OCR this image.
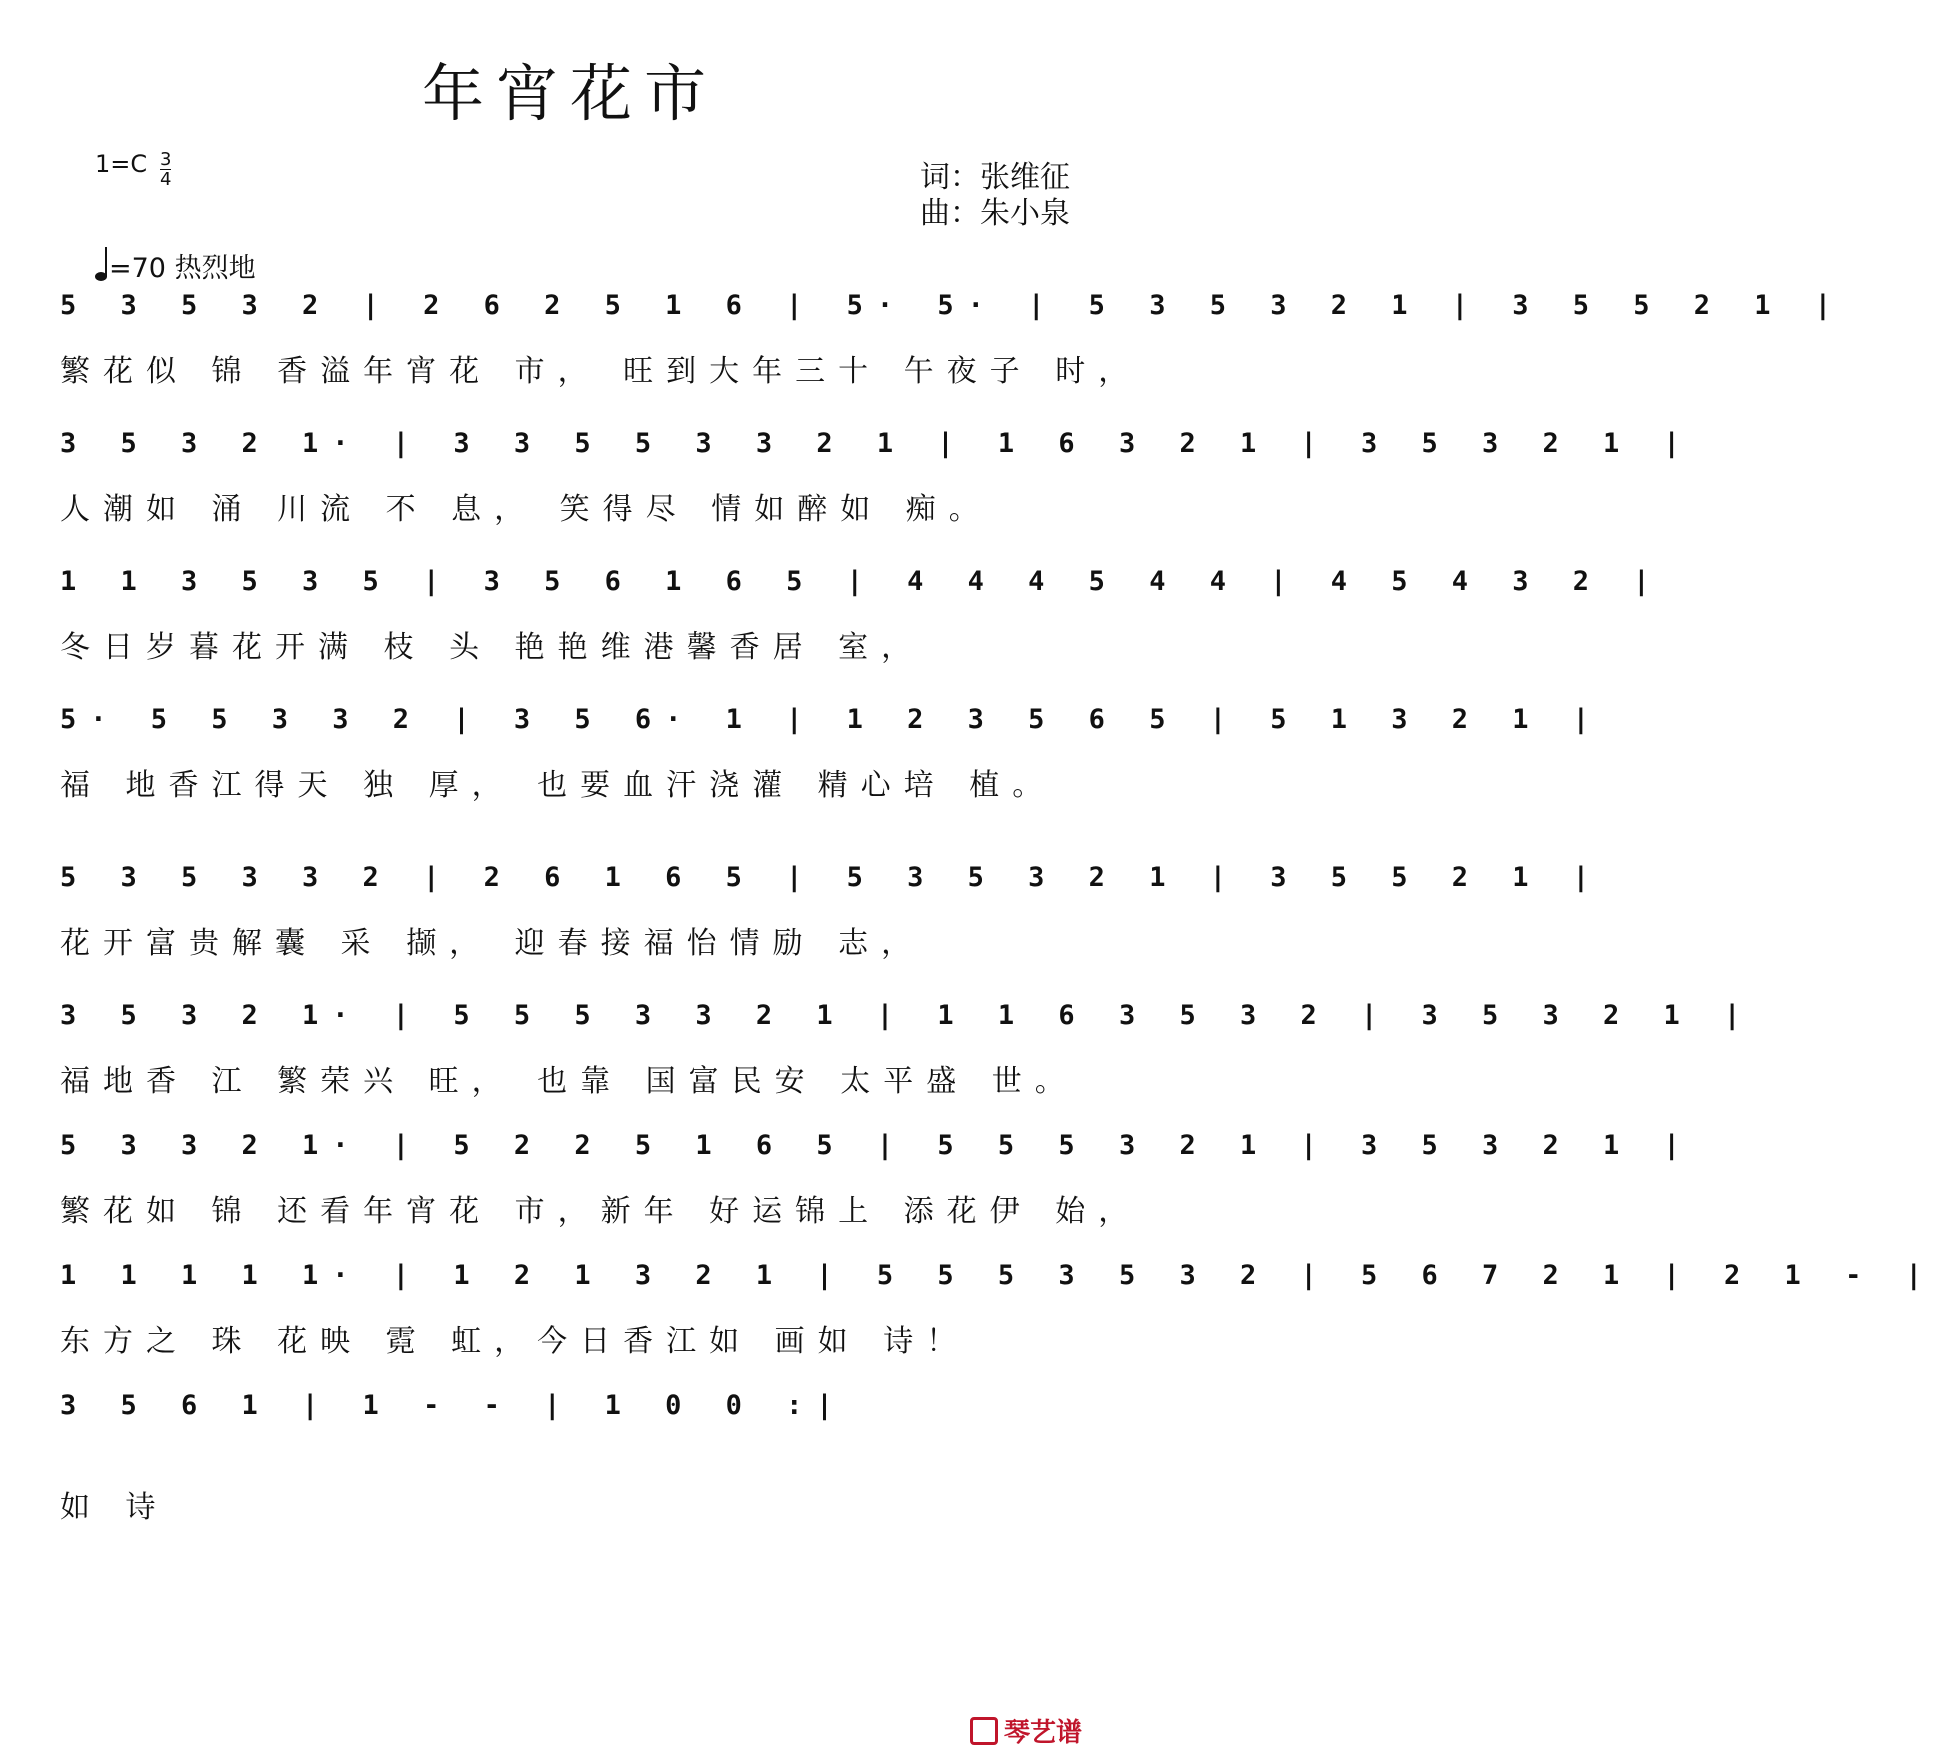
年宵花市
1=C 3
4	词：张维征
曲：朱小泉
=70 热烈地
5 3 5 3 2 | 2 6 2 5 1 6 | 5· 5· | 5 3 5 3 2 1 | 3 5 5 2 1 |
繁花似 锦 香溢年宵花 市， 旺到大年三十 午夜子 时，
3 5 3 2 1· | 3 3 5 5 3 3 2 1 | 1 6 3 2 1 | 3 5 3 2 1 |
人潮如 涌 川流 不 息， 笑得尽 情如醉如 痴。
1 1 3 5 3 5 | 3 5 6 1 6 5 | 4 4 4 5 4 4 | 4 5 4 3 2 |
冬日岁暮花开满 枝 头 艳艳维港馨香居 室，
5· 5 5 3 3 2 | 3 5 6· 1 | 1 2 3 5 6 5 | 5 1 3 2 1 |
福 地香江得天 独 厚， 也要血汗浇灌 精心培 植。
5 3 5 3 3 2 | 2 6 1 6 5 | 5 3 5 3 2 1 | 3 5 5 2 1 |
花开富贵解囊 采 撷， 迎春接福怡情励 志，
3 5 3 2 1· | 5 5 5 3 3 2 1 | 1 1 6 3 5 3 2 | 3 5 3 2 1 |
福地香 江 繁荣兴 旺， 也靠 国富民安 太平盛 世。
5 3 3 2 1· | 5 2 2 5 1 6 5 | 5 5 5 3 2 1 | 3 5 3 2 1 |
繁花如 锦 还看年宵花 市，新年 好运锦上 添花伊 始，
1 1 1 1 1· | 1 2 1 3 2 1 | 5 5 5 3 5 3 2 | 5 6 7 2 1 | 2 1 - |
东方之 珠 花映 霓 虹，今日香江如 画如 诗！
3 5 6 1 | 1 - - | 1 0 0 :|
如 诗
琴艺谱
